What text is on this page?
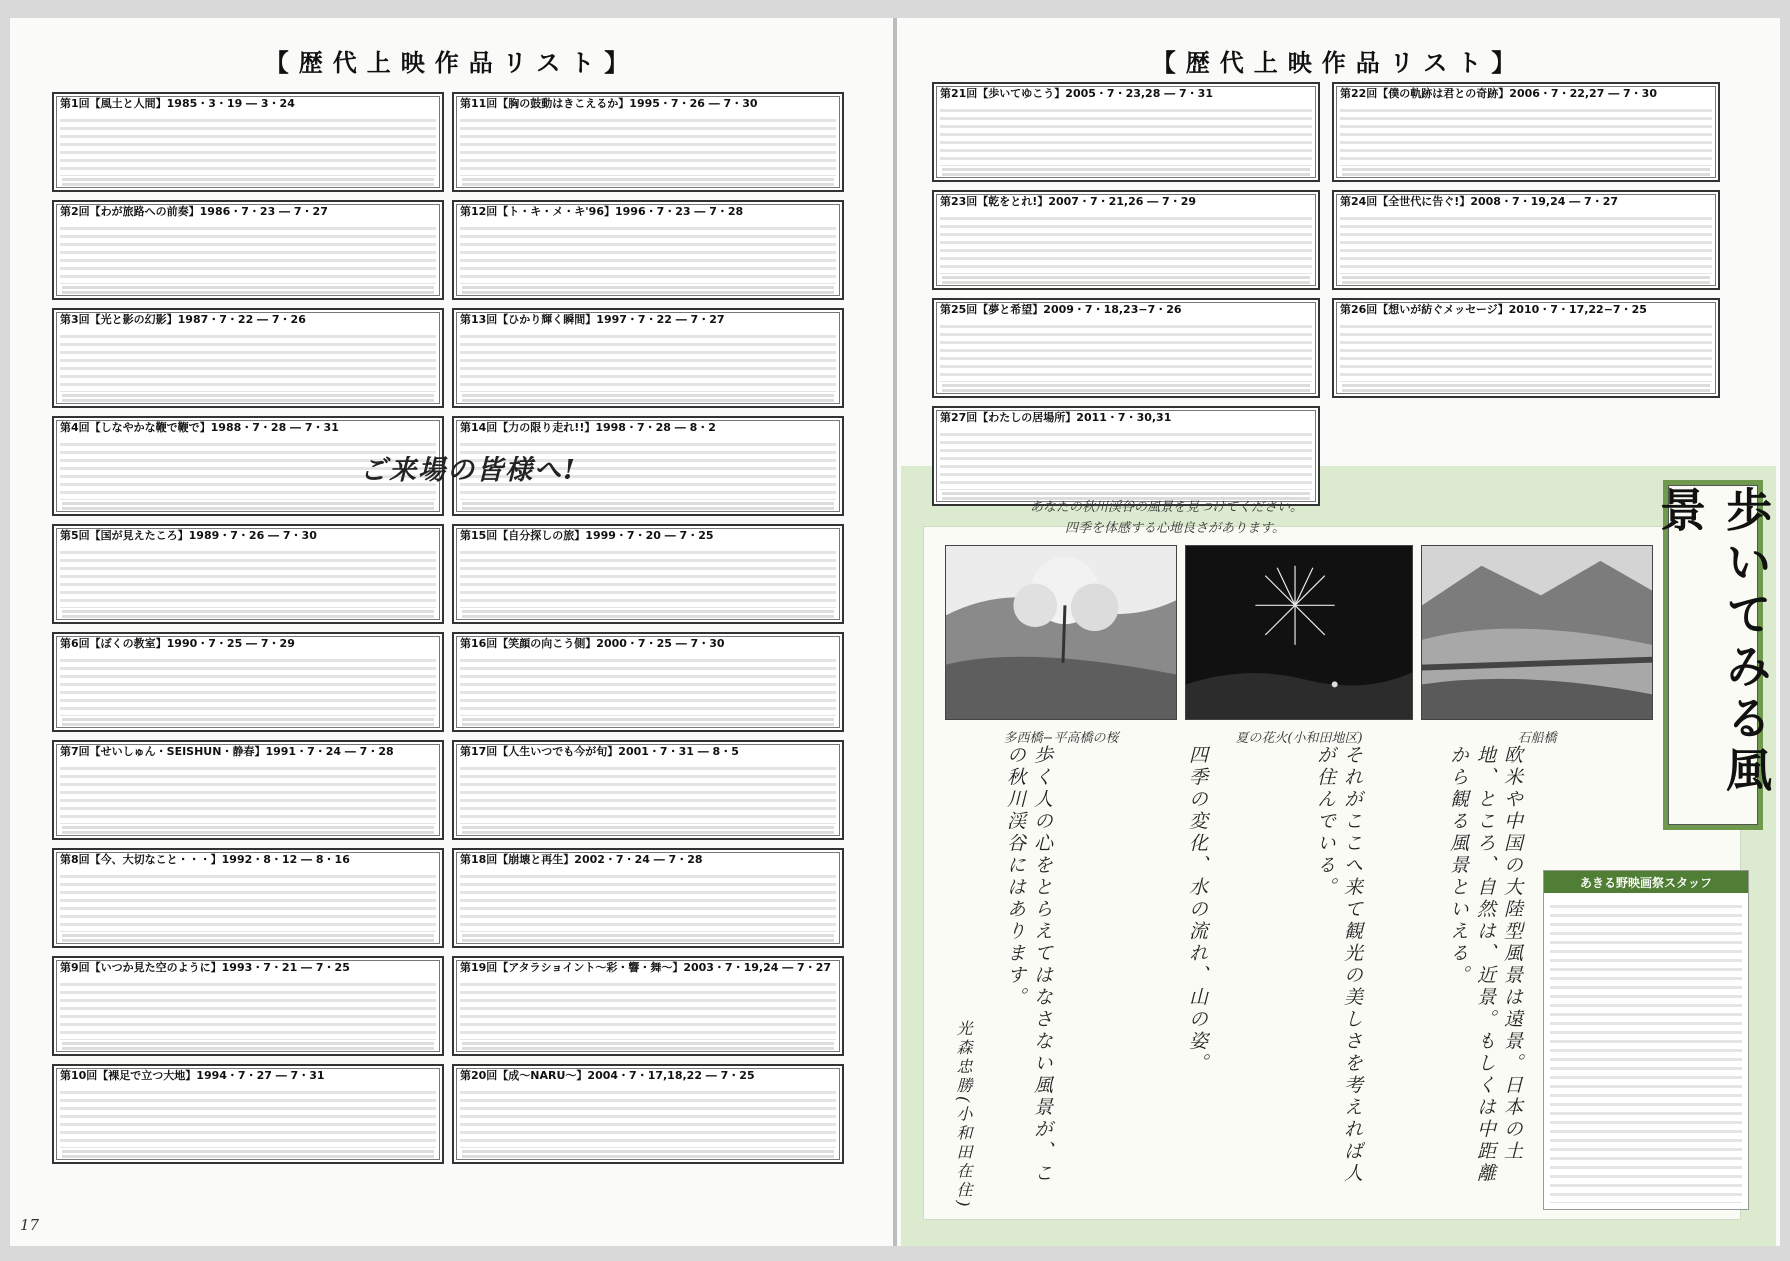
【歴代上映作品リスト】
第1回【風土と人間】1985・3・19 ― 3・24	第11回【胸の鼓動はきこえるか】1995・7・26 ― 7・30
第2回【わが旅路への前奏】1986・7・23 ― 7・27	第12回【ト・キ・メ・キ'96】1996・7・23 ― 7・28
第3回【光と影の幻影】1987・7・22 ― 7・26	第13回【ひかり輝く瞬間】1997・7・22 ― 7・27
第4回【しなやかな鞭で鞭で】1988・7・28 ― 7・31	第14回【力の限り走れ!!】1998・7・28 ― 8・2
第5回【国が見えたころ】1989・7・26 ― 7・30	第15回【自分探しの旅】1999・7・20 ― 7・25
第6回【ぼくの教室】1990・7・25 ― 7・29	第16回【笑顔の向こう側】2000・7・25 ― 7・30
第7回【せいしゅん・SEISHUN・静春】1991・7・24 ― 7・28	第17回【人生いつでも今が旬】2001・7・31 ― 8・5
第8回【今、大切なこと・・・】1992・8・12 ― 8・16	第18回【崩壊と再生】2002・7・24 ― 7・28
第9回【いつか見た空のように】1993・7・21 ― 7・25	第19回【アタラショイント〜彩・響・舞〜】2003・7・19,24 ― 7・27
第10回【裸足で立つ大地】1994・7・27 ― 7・31	第20回【成〜NARU〜】2004・7・17,18,22 ― 7・25
17
【歴代上映作品リスト】
第21回【歩いてゆこう】2005・7・23,28 ― 7・31	第22回【僕の軌跡は君との奇跡】2006・7・22,27 ― 7・30
第23回【乾をとれ!】2007・7・21,26 ― 7・29	第24回【全世代に告ぐ!】2008・7・19,24 ― 7・27
第25回【夢と希望】2009・7・18,23−7・26	第26回【想いが紡ぐメッセージ】2010・7・17,22−7・25
第27回【わたしの居場所】2011・7・30,31
ご来場の皆様へ!
あなたの秋川渓谷の風景を見つけてください。
四季を体感する心地良さがあります。
多西橋−平高橋の桜	夏の花火(小和田地区)	石船橋	歩いてみる風景
欧米や中国の大陸型風景は遠景。日本の土地、ところ、自然は、近景。もしくは中距離から観る風景といえる。
それがここへ来て観光の美しさを考えれば人が住んでいる。
四季の変化、水の流れ、山の姿。
歩く人の心をとらえてはなさない風景が、この秋川渓谷にはあります。
光森忠勝(小和田在住)
あきる野映画祭スタッフ
